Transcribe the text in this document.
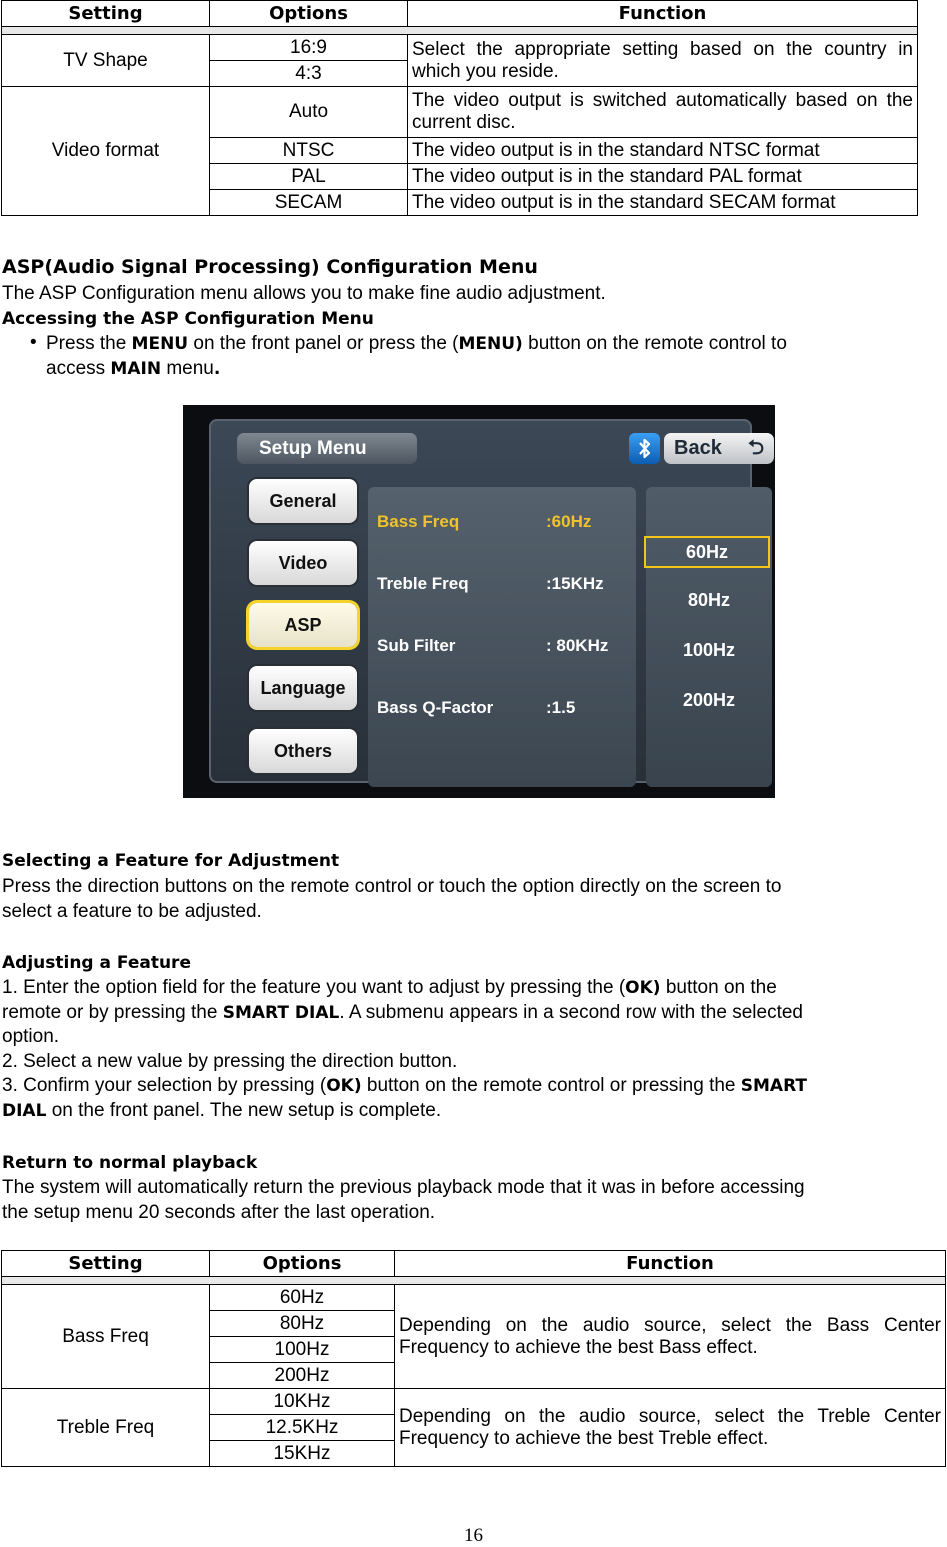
Setting	Options	Function

TV Shape	16:9	Select the appropriate setting based on the country in which you reside.
	4:3	
Video format	Auto	The video output is switched automatically based on the current disc.
	NTSC	The video output is in the standard NTSC format
	PAL	The video output is in the standard PAL format
	SECAM	The video output is in the standard SECAM format
ASP(Audio Signal Processing) Configuration Menu
The ASP Configuration menu allows you to make fine audio adjustment.
Accessing the ASP Configuration Menu
• Press the MENU on the front panel or press the (MENU) button on the remote control to
access MAIN menu.
Setup Menu	Back ⮌
General
Video
ASP
Language
Others
Bass Freq	:60Hz
Treble Freq	:15KHz
Sub Filter	: 80KHz
Bass Q-Factor	:1.5
60Hz
80Hz
100Hz
200Hz
Selecting a Feature for Adjustment
Press the direction buttons on the remote control or touch the option directly on the screen to
select a feature to be adjusted.
Adjusting a Feature
1. Enter the option field for the feature you want to adjust by pressing the (OK) button on the
remote or by pressing the SMART DIAL. A submenu appears in a second row with the selected
option.
2. Select a new value by pressing the direction button.
3. Confirm your selection by pressing (OK) button on the remote control or pressing the SMART
DIAL on the front panel. The new setup is complete.
Return to normal playback
The system will automatically return the previous playback mode that it was in before accessing
the setup menu 20 seconds after the last operation.
Setting	Options	Function

Bass Freq	60Hz	Depending on the audio source, select the Bass Center Frequency to achieve the best Bass effect.
	80Hz	
	100Hz	
	200Hz	
Treble Freq	10KHz	Depending on the audio source, select the Treble Center Frequency to achieve the best Treble effect.
	12.5KHz	
	15KHz	
16
